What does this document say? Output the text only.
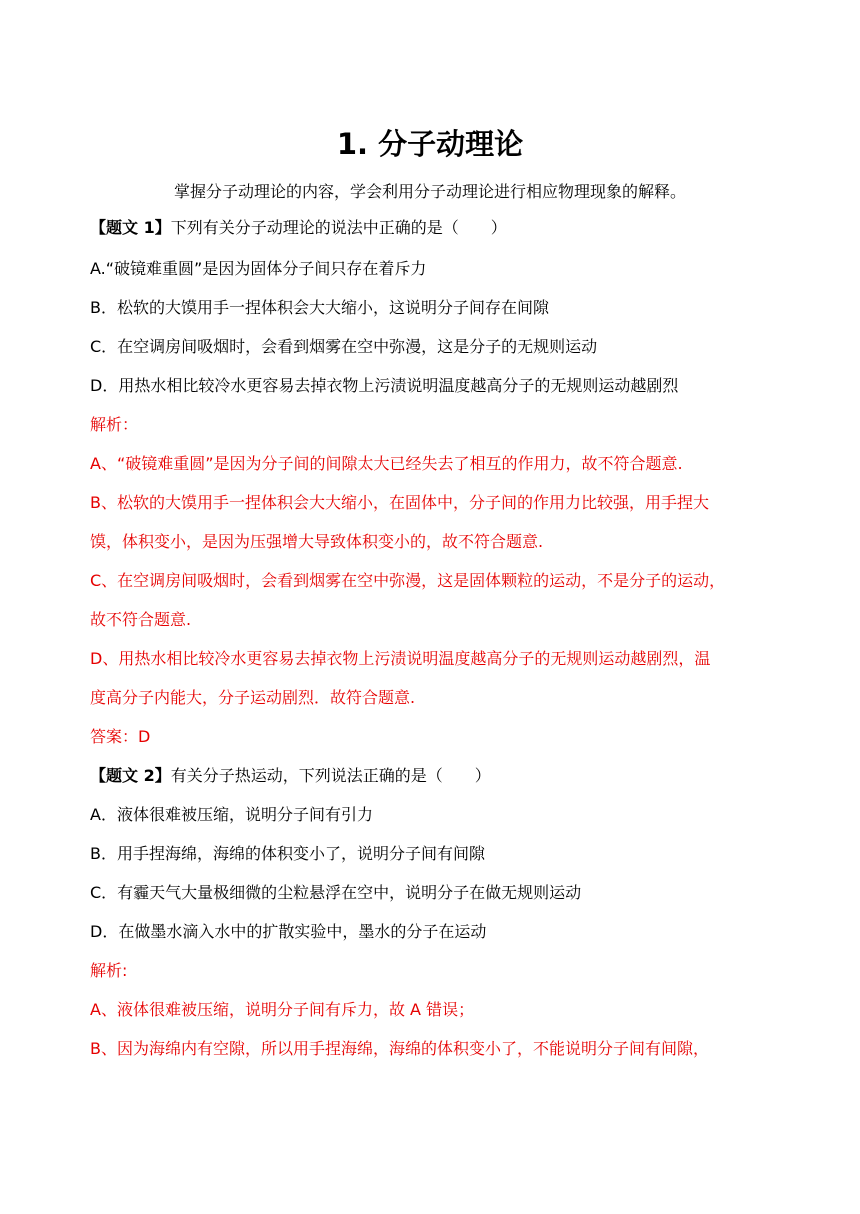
1. 分子动理论
掌握分子动理论的内容，学会利用分子动理论进行相应物理现象的解释。
【题文 1】下列有关分子动理论的说法中正确的是（　　）
A.“破镜难重圆”是因为固体分子间只存在着斥力
B．松软的大馍用手一捏体积会大大缩小，这说明分子间存在间隙
C．在空调房间吸烟时，会看到烟雾在空中弥漫，这是分子的无规则运动
D．用热水相比较冷水更容易去掉衣物上污渍说明温度越高分子的无规则运动越剧烈
解析：
A、“破镜难重圆”是因为分子间的间隙太大已经失去了相互的作用力，故不符合题意.
B、松软的大馍用手一捏体积会大大缩小，在固体中，分子间的作用力比较强，用手捏大
馍，体积变小，是因为压强增大导致体积变小的，故不符合题意.
C、在空调房间吸烟时，会看到烟雾在空中弥漫，这是固体颗粒的运动，不是分子的运动，
故不符合题意.
D、用热水相比较冷水更容易去掉衣物上污渍说明温度越高分子的无规则运动越剧烈，温
度高分子内能大，分子运动剧烈．故符合题意.
答案：D
【题文 2】有关分子热运动，下列说法正确的是（　　）
A．液体很难被压缩，说明分子间有引力
B．用手捏海绵，海绵的体积变小了，说明分子间有间隙
C．有霾天气大量极细微的尘粒悬浮在空中，说明分子在做无规则运动
D．在做墨水滴入水中的扩散实验中，墨水的分子在运动
解析:
A、液体很难被压缩，说明分子间有斥力，故 A 错误；
B、因为海绵内有空隙，所以用手捏海绵，海绵的体积变小了，不能说明分子间有间隙，
